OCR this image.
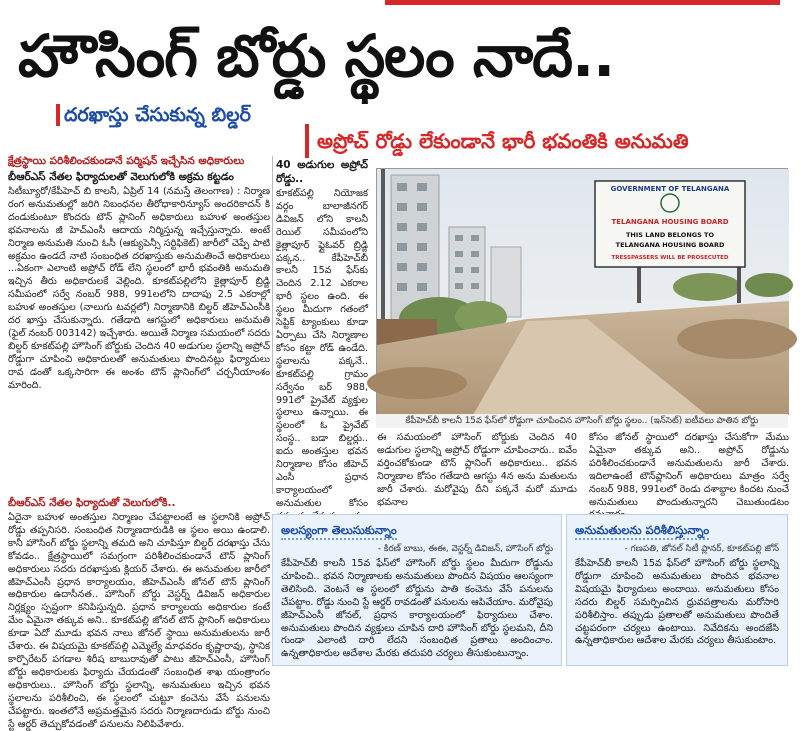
హౌసింగ్ బోర్డు స్థలం నాదే..
దరఖాస్తు చేసుకున్న బిల్డర్
అప్రోచ్ రోడ్డు లేకుండానే భారీ భవంతికి అనుమతి
క్షేత్రస్థాయి పరిశీలించకుండానే పర్మిషన్ ఇచ్చేసిన అధికారులు
బీఆర్ఎస్ నేతల ఫిర్యాదులతో వెలుగులోకి అక్రమ కట్టడం

సిటీబ్యూరో/కేపీహెచ్ బి కాలనీ, ఏప్రిల్ 14 (నమస్తే తెలంగాణ) : నిర్మాణ రంగ అనుమతుల్లో జరిగి నిబంధనల తీరోధాకారిన్యూస్ అందరికాదన్ కి దండుకుంటూ కొందరు టౌన్ ప్లానింగ్ అధికారులు బహుళ అంతస్తుల భవనాలను జీ హెచ్ఎంసీ ఆదాయ నిర్మిస్తున్న ఇచ్చేస్తున్నారు. అంటే నిర్మాణ అనుమతి నుంచి ఓసీ (ఆక్యుపెన్సీ సర్టిఫికెట్) జారీలో చెప్పే పాటి అక్రమం ఉండదే నాటి సంబంధిత దరఖాస్తుకు అనుమతించే అధికారులు ...ఏకంగా ఎలాంటి అప్రోచ్ రోడ్ లేని స్థలంలో భారీ భవంతికి అనుమతి ఇచ్చిన తీరు అధికారులకే వెల్లింది. కూకట్‌పల్లిలోని కైత్లాపూర్ బ్రిడ్జి సమీపంలో సర్వే నంబర్ 988, 991లలోని దాదాపు 2.5 ఎకరాల్లో బహుళ అంతస్తుల (నాలుగు టవర్లలో) నిర్మాణానికి బిల్డర్ జీహెచ్ఎంసీకి దర ఖాస్తు చేసుకున్నారు. గతేడాది ఆగస్టులో అధికారులు అనుమతి (ఫైల్ నంబర్ 003142) ఇచ్చేశారు. అయితే నిర్మాణ సమయంలో సదరు బిల్డర్ కూకట్‌పల్లి హౌసింగ్ బోర్డుకు చెందిన 40 అడుగుల స్థలాన్ని అప్రోచ్ రోడ్డుగా చూపించి అధికారులతో అనుమతులు పొందినట్లు ఫిర్యాదులు రావ డంతో ఒక్కసారిగా ఈ అంశం టౌన్ ప్లానింగ్‌లో చర్చనీయాంశం మారింది.

40 అడుగుల అప్రోచ్ రోడ్డు..

కూకట్‌పల్లి నియోజక వర్గం బాలాజీనగర్ డివిజన్‌ లోని కాలనీ రెయిల్ సమీపంలోని కైత్లాపూర్ ఫ్లైఓవర్ బ్రిడ్జి పక్కన.. కేపీహెచ్‌బీ కాలనీ 15వ ఫేస్‌కు చెందిన 2.12 ఎకరాల భారీ స్థలం ఉంది. ఈ స్థలం మీదుగా గతంలో సెప్టిక్ ట్యాంకులు కూడా ఏర్పాటు చేసి నిర్మాణాల కోసం కట్టా రోడ్ ఉండేది. స్థలాలను పక్కనే.. కూకట్‌పల్లి గ్రామం సర్వేనం బర్ 988, 991లో ప్రైవేట్ వ్యక్తుల స్థలాలు ఉన్నాయి. ఈ స్థలంలో ఓ ప్రైవేట్ సంస్థ.. బడా బిల్డర్లు.. ఐదు అంతస్తుల భవన నిర్మాణాల కోసం జీహెచ్ ఎంసీ ప్రధాన కార్యాలయంలో అనుమతుల కోసం

GOVERNMENT OF TELANGANA
TELANGANA HOUSING BOARD
THIS LAND BELONGS TO
TELANGANA HOUSING BOARD
TRESSPASSERS WILL BE PROSECUTED
కేపీహెచ్‌బీ కాలనీ 15వ ఫేస్‌లో రోడ్డుగా చూపించిన హౌసింగ్ బోర్డు స్థలం.. (ఇన్‌సెట్) ఐటీవలు పాతిన బోర్డు
ఈ సమయంలో హౌసింగ్ బోర్డుకు చెందిన 40 అడుగుల స్థలాన్ని అప్రోచ్ రోడ్డుగా చూపించారు.. ఐవేం వర్తించకోకుండా టౌన్ ప్లానింగ్ అధికారులు.. భవన నిర్మాణాల కోసం గతేడాది ఆగస్టు 4న అను మతులను జారీ చేశారు. మరోవైపు దీని పక్కనే మరో మూడు భవనాల
కోసం జోనల్ స్థాయిలో దరఖాస్తు చేసుకోగా మేము ఏమైనా తక్కువ అని.. అప్రోచ్ రోడ్డును పరిశీలించకుండానే అనుమతులను జారీ చేశారు. ఇదిలాఉంటే టౌన్‌ప్లానింగ్ అధికారులు మాత్రం సర్వే నంబర్ 988, 991లలో రెండు దశాబ్దాల కిందట నుంచే అనుమతులు పొందుతున్నారని చెబుతుండటం
బీఆర్ఎస్ నేతల ఫిర్యాదుతో వెలుగులోకి..

ఏదైనా బహుళ అంతస్తుల నిర్మాణం చేపట్టాలంటే ఆ స్థలానికి అప్రోచ్ రోడ్డు తప్పనిసరి. సంబంధిత నిర్మాణదారుడికి ఆ స్థలం అయి ఉండాలి. కానీ హౌసింగ్ బోర్డు స్థలాన్ని తమది అని చూపిస్తూ బిల్డర్ దరఖాస్తు చేసు కోవడం.. క్షేత్రస్థాయిలో సమగ్రంగా పరిశీలించకుండానే టౌన్ ప్లానింగ్ అధికారులు సదరు దరఖాస్తుకు క్లియర్ చేశారు. ఈ అనుమతుల జారీలో జీహెచ్ఎంసీ ప్రధాన కార్యాలయం, జీహెచ్ఎంసీ జోనల్ టౌన్ ప్లానింగ్ అధికారుల ఉదాసీనత.. హౌసింగ్ బోర్డు వెస్టర్న్ డివిజన్ అధికారుల నిర్లక్ష్యం స్పష్టంగా కనిపిస్తున్నది. ప్రధాన కార్యాలయ అధికారుల కంటే మేం ఏమైనా తక్కువ అని.. కూకట్‌పల్లి జోనల్ టౌన్ ప్లానింగ్ అధికారులు కూడా ఏదో మూడు భవన నాలు జోనల్ స్థాయి అనుమతులను జారీ చేశారు. ఈ విషయమై కూకట్‌పల్లి ఎమ్మెల్యే మాధవరం కృష్ణారావు, స్థానిక కార్పొరేటర్ పగడాల శిరీష బాబురావుతో పాటు జీహెచ్ఎంసీ, హౌసింగ్ బోర్డు అధికారులకు ఫిర్యాదు చేయడంతో సంబంధిత శాఖ యంత్రాంగం అధికారులు.. హౌసింగ్ బోర్డు స్థలాన్ని, అనుమతులు ఇచ్చిన భవన స్థలాలను పరిశీలించి, ఈ స్థలంలో చుట్టూ కంచెను వేసే పనులను చేపట్టారు. ఇంతలోనే అప్రమత్తమైన సదరు నిర్మాణదారుడు బోర్డు నుంచి స్టే ఆర్డర్ తెచ్చుకోవడంతో పనులను నిలిపివేశారు.

అలస్యంగా తెలుసుకున్నాం
- కిరణ్ బాబు, ఈఈ, వెస్టర్న్ డివిజన్, హౌసింగ్ బోర్డు
కేపీహెచ్‌బీ కాలనీ 15వ ఫేస్‌లో హౌసింగ్ బోర్డు స్థలం మీదుగా రోడ్డును చూపించి.. భవన నిర్మాణాలకు అనుమతులు పొందిన విషయం ఆలస్యంగా తెలిసింది. వెంటనే ఆ స్థలంలో బోర్డును పాతి కంచెను వేసే పనులను చేపట్టాం. రోడ్డు నుంచి స్టే ఆర్డర్ రావడంతో పనులను ఆపివేయాం. మరోవైపు జీహెచ్ఎంసీ జోనల్, ప్రధాన కార్యాలయంలో ఫిర్యాదులు చేశాం. అనుమతులు పొందిన వ్యక్తులు చూపిన దారి హౌసింగ్ బోర్డు స్థలమని, దీని గుండా ఎలాంటి దారి లేదని సంబంధిత ప్రతాలు అందించాం. ఉన్నతాధికారుల ఆదేశాల మేరకు తదుపరి చర్యలు తీసుకుంటున్నాం.
అనుమతులను పరిశీలిస్తున్నాం
- గణపతి, జోనల్ సిటీ ప్లానర్, కూకట్‌పల్లి జోన్
కేపీహెచ్‌బీ కాలనీ 15వ ఫేస్‌లో హౌసింగ్ బోర్డు స్థలాన్ని రోడ్డుగా చూపించి అనుమతులు పొందిన భవనాల విషయమై ఫిర్యాదులు అందాయి. అనుమతులు కోసం సదరు బిల్డర్ సమర్పించిన ధ్రువపత్రాలను మరోసారి పరిశీలిస్తాం. తప్పుడు ప్రతాలతో అనుమతులు పొందితే చట్టపరంగా చర్యలు ఉంటాయి. నివేదికను అందజేసి ఉన్నతాధికారుల ఆదేశాల మేరకు చర్యలు తీసుకుంటాం.
